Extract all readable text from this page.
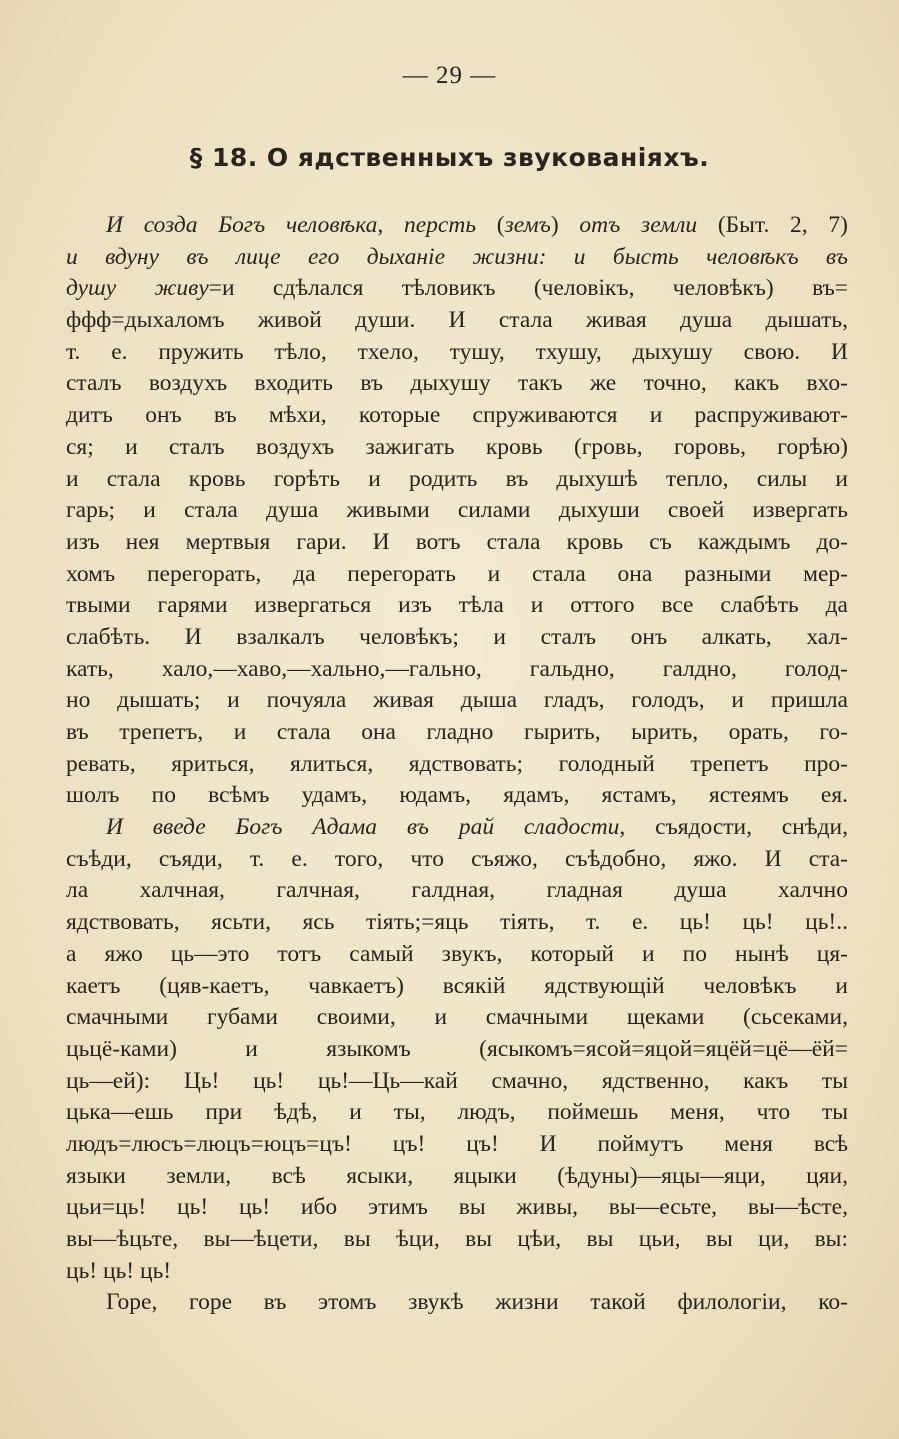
— 29 —
§ 18. О ядственныхъ звукованiяхъ.
И созда Богъ человѣка, персть (земъ) отъ земли (Быт. 2, 7)
и вдуну въ лице его дыханiе жизни: и бысть человѣкъ въ
душу живу=и сдѣлался тѣловикъ (человiкъ, человѣкъ) въ=
ффф=дыхаломъ живой души. И стала живая душа дышать,
т. е. пружить тѣло, тхело, тушу, тхушу, дыхушу свою. И
сталъ воздухъ входить въ дыхушу такъ же точно, какъ вхо-
дитъ онъ въ мѣхи, которые спруживаются и распруживают-
ся; и сталъ воздухъ зажигать кровь (гровь, горовь, горѣю)
и стала кровь горѣть и родить въ дыхушѣ тепло, силы и
гарь; и стала душа живыми силами дыхуши своей извергать
изъ нея мертвыя гари. И вотъ стала кровь съ каждымъ до-
хомъ перегорать, да перегорать и стала она разными мер-
твыми гарями извергаться изъ тѣла и оттого все слабѣть да
слабѣть. И взалкалъ человѣкъ; и сталъ онъ алкать, хал-
кать, хало,—хаво,—хально,—гально, гальдно, галдно, голод-
но дышать; и почуяла живая дыша гладъ, голодъ, и пришла
въ трепетъ, и стала она гладно гырить, ырить, орать, го-
ревать, яриться, ялиться, ядствовать; голодный трепетъ про-
шолъ по всѣмъ удамъ, юдамъ, ядамъ, ястамъ, ястеямъ ея.
И введе Богъ Адама въ рай сладости, съядости, снѣди,
съѣди, съяди, т. е. того, что съяжо, съѣдобно, яжо. И ста-
ла халчная, галчная, галдная, гладная душа халчно
ядствовать, ясьти, ясь тiять;=яць тiять, т. е. ць! ць! ць!..
а яжо ць—это тотъ самый звукъ, который и по нынѣ ця-
каетъ (цяв-каетъ, чавкаетъ) всякiй ядствующiй человѣкъ и
смачными губами своими, и смачными щеками (сьсеками,
цьцё-ками) и языкомъ (ясыкомъ=ясой=яцой=яцёй=цё—ёй=
ць—ей): Ць! ць! ць!—Ць—кай смачно, ядственно, какъ ты
цька—ешь при ѣдѣ, и ты, людъ, поймешь меня, что ты
людъ=люсъ=люцъ=юцъ=цъ! цъ! цъ! И поймутъ меня всѣ
языки земли, всѣ ясыки, яцыки (ѣдуны)—яцы—яци, цяи,
цьи=ць! ць! ць! ибо этимъ вы живы, вы—есьте, вы—ѣсте,
вы—ѣцьте, вы—ѣцети, вы ѣци, вы цѣи, вы цьи, вы ци, вы:
ць! ць! ць!
Горе, горе въ этомъ звукѣ жизни такой филологiи, ко-
